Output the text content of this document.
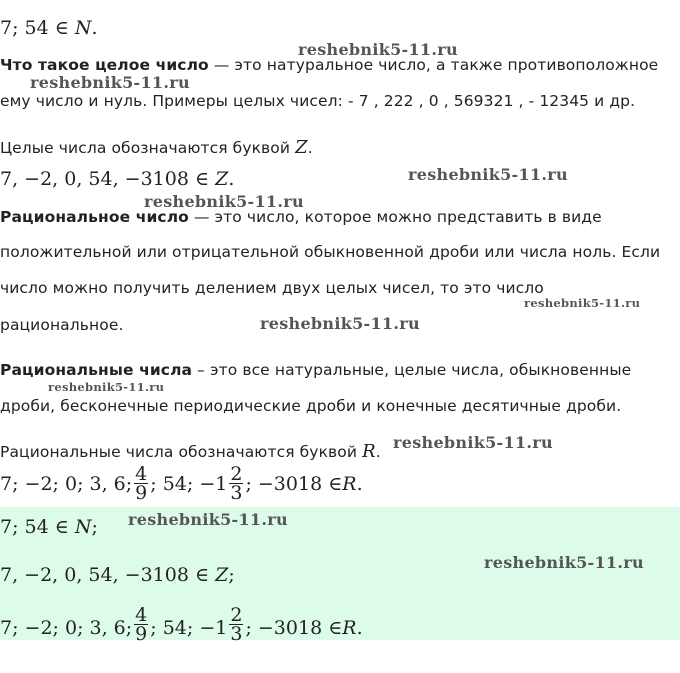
7; 54 ∈ N.
reshebnik5-11.ru
Что такое целое число — это натуральное число, а также противоположное
reshebnik5-11.ru
ему число и нуль. Примеры целых чисел: - 7 , 222 , 0 , 569321 , - 12345 и др.
Целые числа обозначаются буквой Z.
7, −2, 0, 54, −3108 ∈ Z.	reshebnik5-11.ru
reshebnik5-11.ru
Рациональное число — это число, которое можно представить в виде
положительной или отрицательной обыкновенной дроби или числа ноль. Если
число можно получить делением двух целых чисел, то это число
reshebnik5-11.ru
рациональное.	reshebnik5-11.ru
Рациональные числа – это все натуральные, целые числа, обыкновенные
reshebnik5-11.ru
дроби, бесконечные периодические дроби и конечные десятичные дроби.
Рациональные числа обозначаются буквой R. reshebnik5-11.ru
7; −2; 0; 3, 6; $\frac{4}{9}$ ; 54; $-1 \frac{2}{3}$ ; −3018 ∈ R .
7; 54 ∈ N; reshebnik5-11.ru
7, −2, 0, 54, −3108 ∈ Z;
reshebnik5-11.ru
7; −2; 0; 3, 6; $\frac{4}{9}$ ; 54; $-1 \frac{2}{3}$ ; −3018 ∈ R .
